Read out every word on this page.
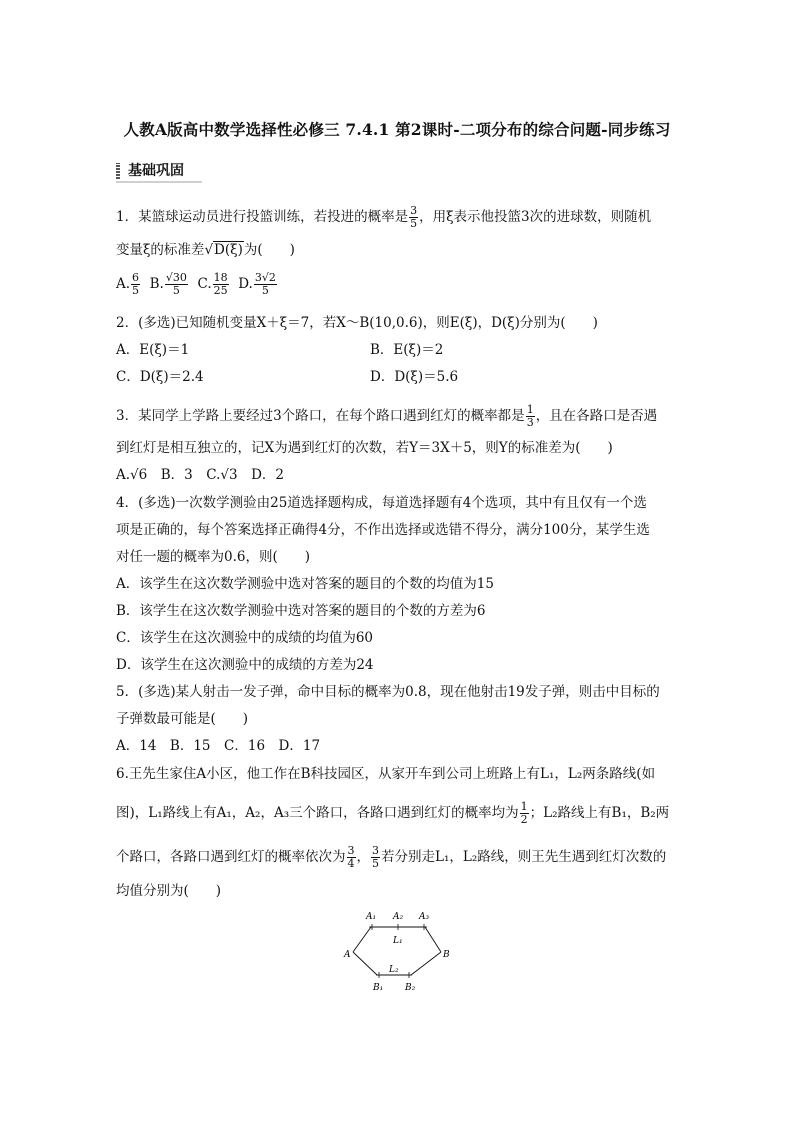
人教A版高中数学选择性必修三 7.4.1 第2课时-二项分布的综合问题-同步练习
基础巩固
1．某篮球运动员进行投篮训练，若投进的概率是 $\frac{3}{5}$ ，用ξ表示他投篮3次的进球数，则随机
变量ξ的标准差√D(ξ)为(　　)
A. $\frac{6}{5} B$. $\frac{√30}{5} C$. $\frac{18}{25} D$. $\frac{3√2}{5}$
2．(多选)已知随机变量X＋ξ＝7，若X～B(10,0.6)，则E(ξ)，D(ξ)分别为(　　)
A．E(ξ)＝1	B．E(ξ)＝2
C．D(ξ)＝2.4	D．D(ξ)＝5.6
3．某同学上学路上要经过3个路口，在每个路口遇到红灯的概率都是 $\frac{1}{3}$ ，且在各路口是否遇
到红灯是相互独立的，记X为遇到红灯的次数，若Y＝3X＋5，则Y的标准差为(　　)
A.√6　B．3　C.√3　D．2
4．(多选)一次数学测验由25道选择题构成，每道选择题有4个选项，其中有且仅有一个选
项是正确的，每个答案选择正确得4分，不作出选择或选错不得分，满分100分，某学生选
对任一题的概率为0.6，则(　　)
A．该学生在这次数学测验中选对答案的题目的个数的均值为15
B．该学生在这次数学测验中选对答案的题目的个数的方差为6
C．该学生在这次测验中的成绩的均值为60
D．该学生在这次测验中的成绩的方差为24
5．(多选)某人射击一发子弹，命中目标的概率为0.8，现在他射击19发子弹，则击中目标的
子弹数最可能是(　　)
A．14　B．15　C．16　D．17
6.王先生家住A小区，他工作在B科技园区，从家开车到公司上班路上有L₁，L₂两条路线(如
图)，L₁路线上有A₁，A₂，A₃三个路口，各路口遇到红灯的概率均为 $\frac{1}{2}$ ；L₂路线上有B₁，B₂两
个路口，各路口遇到红灯的概率依次为 $\frac{3}{4}$ ， $\frac{3}{5}$ 若分别走L₁，L₂路线，则王先生遇到红灯次数的
均值分别为(　　)
A₁ A₂ A₃
L₁
A	B
L₂
B₁ B₂
